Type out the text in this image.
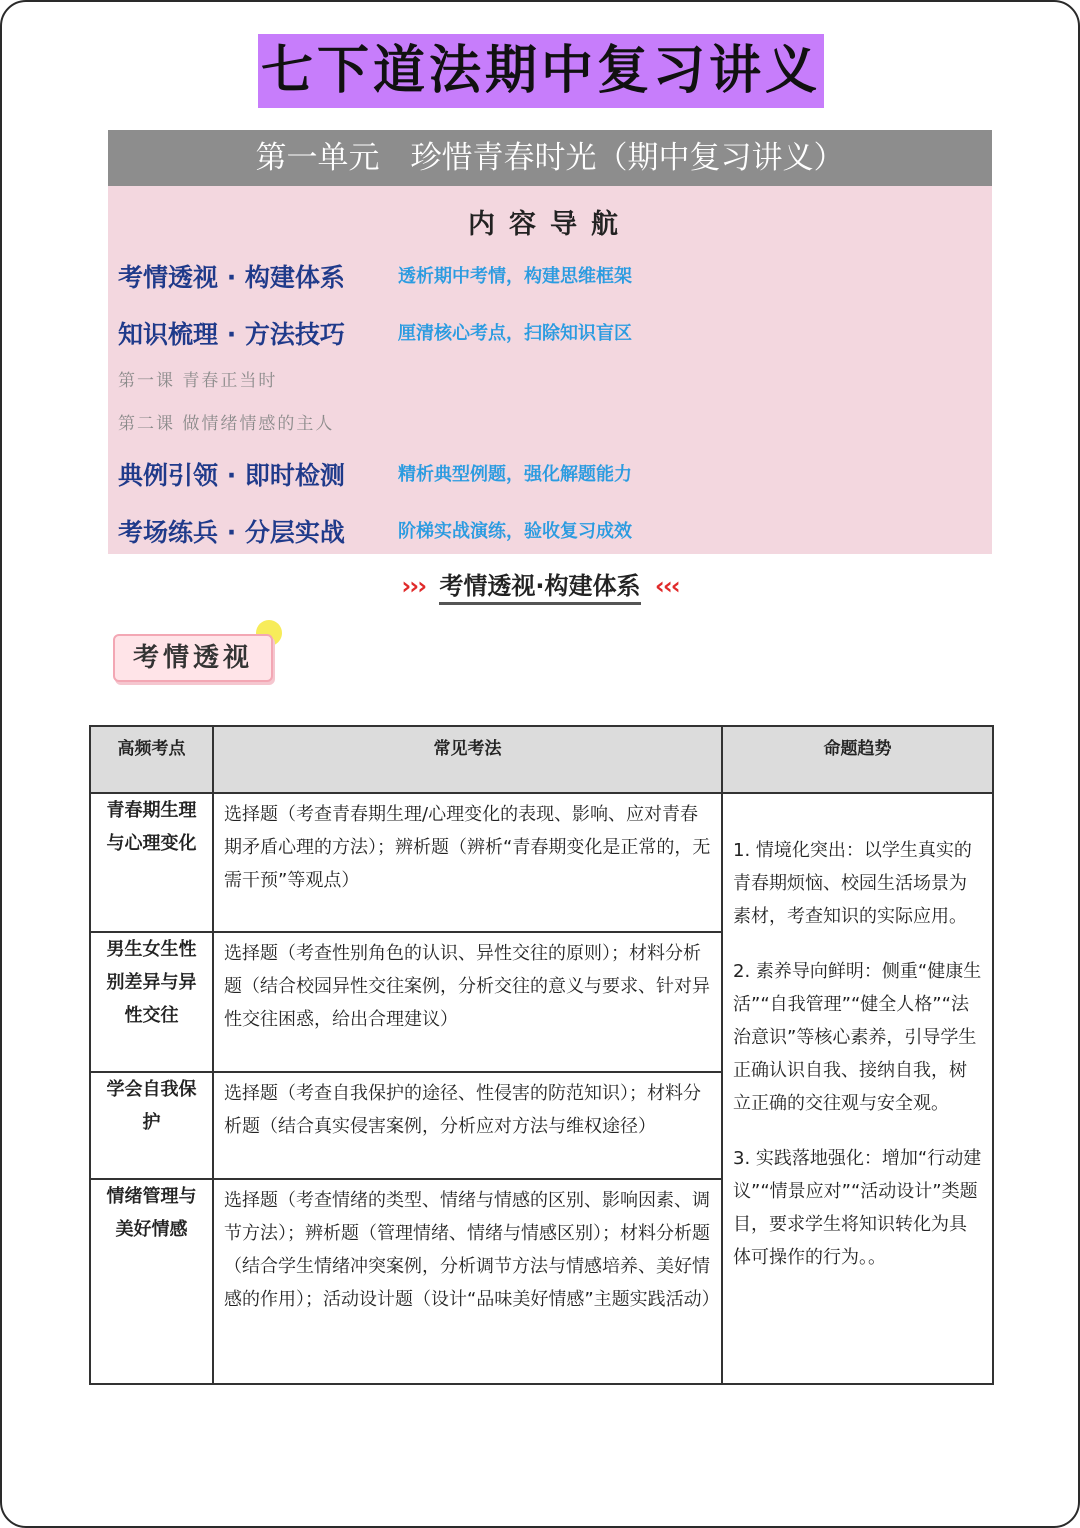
七下道法期中复习讲义
第一单元　珍惜青春时光（期中复习讲义）
内容导航
考情透视 · 构建体系	透析期中考情，构建思维框架
知识梳理 · 方法技巧	厘清核心考点，扫除知识盲区
第一课 青春正当时
第二课 做情绪情感的主人
典例引领 · 即时检测	精析典型例题，强化解题能力
考场练兵 · 分层实战	阶梯实战演练，验收复习成效
››› 考情透视·构建体系 ‹‹‹
考情透视
高频考点	常见考法	命题趋势
青春期生理与心理变化	选择题（考查青春期生理/心理变化的表现、影响、应对青春期矛盾心理的方法）；辨析题（辨析“青春期变化是正常的，无需干预”等观点）	1. 情境化突出：以学生真实的青春期烦恼、校园生活场景为素材，考查知识的实际应用。
2. 素养导向鲜明：侧重“健康生活”“自我管理”“健全人格”“法治意识”等核心素养，引导学生正确认识自我、接纳自我，树立正确的交往观与安全观。
3. 实践落地强化：增加“行动建议”“情景应对”“活动设计”类题目，要求学生将知识转化为具体可操作的行为。。

男生女生性别差异与异性交往	选择题（考查性别角色的认识、异性交往的原则）；材料分析题（结合校园异性交往案例，分析交往的意义与要求、针对异性交往困惑，给出合理建议）	
学会自我保护	选择题（考查自我保护的途径、性侵害的防范知识）；材料分析题（结合真实侵害案例，分析应对方法与维权途径）	
情绪管理与美好情感	选择题（考查情绪的类型、情绪与情感的区别、影响因素、调节方法）；辨析题（管理情绪、情绪与情感区别）；材料分析题（结合学生情绪冲突案例，分析调节方法与情感培养、美好情感的作用）；活动设计题（设计“品味美好情感”主题实践活动）	
